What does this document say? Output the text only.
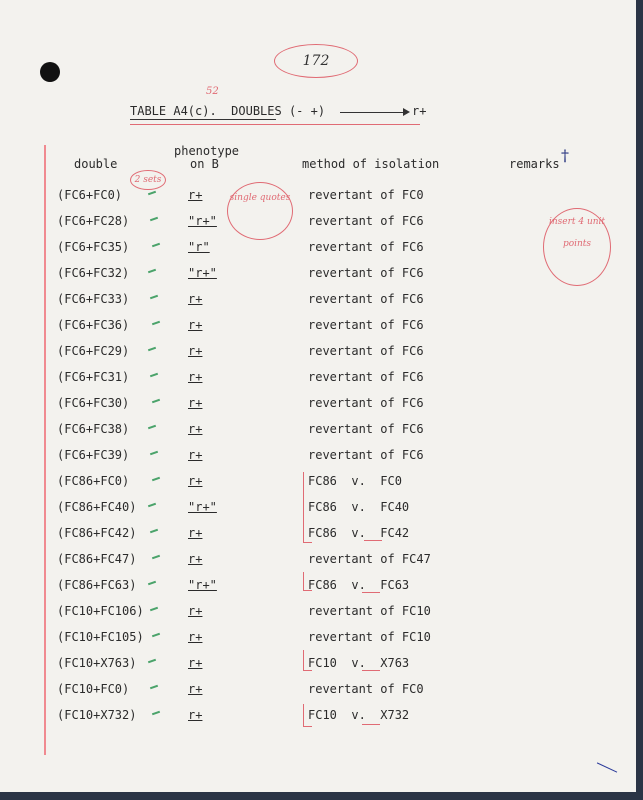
172
52
TABLE A4(c).  DOUBLES (- +)	r+
double
phenotype
on B	method of isolation	remarks †
single quotes
insert 4 unit points
2 sets
(FC6+FC0)	r+	revertant of FC0
(FC6+FC28)	"r+"	revertant of FC6
(FC6+FC35)	"r"	revertant of FC6
(FC6+FC32)	"r+"	revertant of FC6
(FC6+FC33)	r+	revertant of FC6
(FC6+FC36)	r+	revertant of FC6
(FC6+FC29)	r+	revertant of FC6
(FC6+FC31)	r+	revertant of FC6
(FC6+FC30)	r+	revertant of FC6
(FC6+FC38)	r+	revertant of FC6
(FC6+FC39)	r+	revertant of FC6
(FC86+FC0)	r+	FC86  v.  FC0
(FC86+FC40)	"r+"	FC86  v.  FC40
(FC86+FC42)	r+	FC86  v.  FC42
(FC86+FC47)	r+	revertant of FC47
(FC86+FC63)	"r+"	FC86  v.  FC63
(FC10+FC106)	r+	revertant of FC10
(FC10+FC105)	r+	revertant of FC10
(FC10+X763)	r+	FC10  v.  X763
(FC10+FC0)	r+	revertant of FC0
(FC10+X732)	r+	FC10  v.  X732
